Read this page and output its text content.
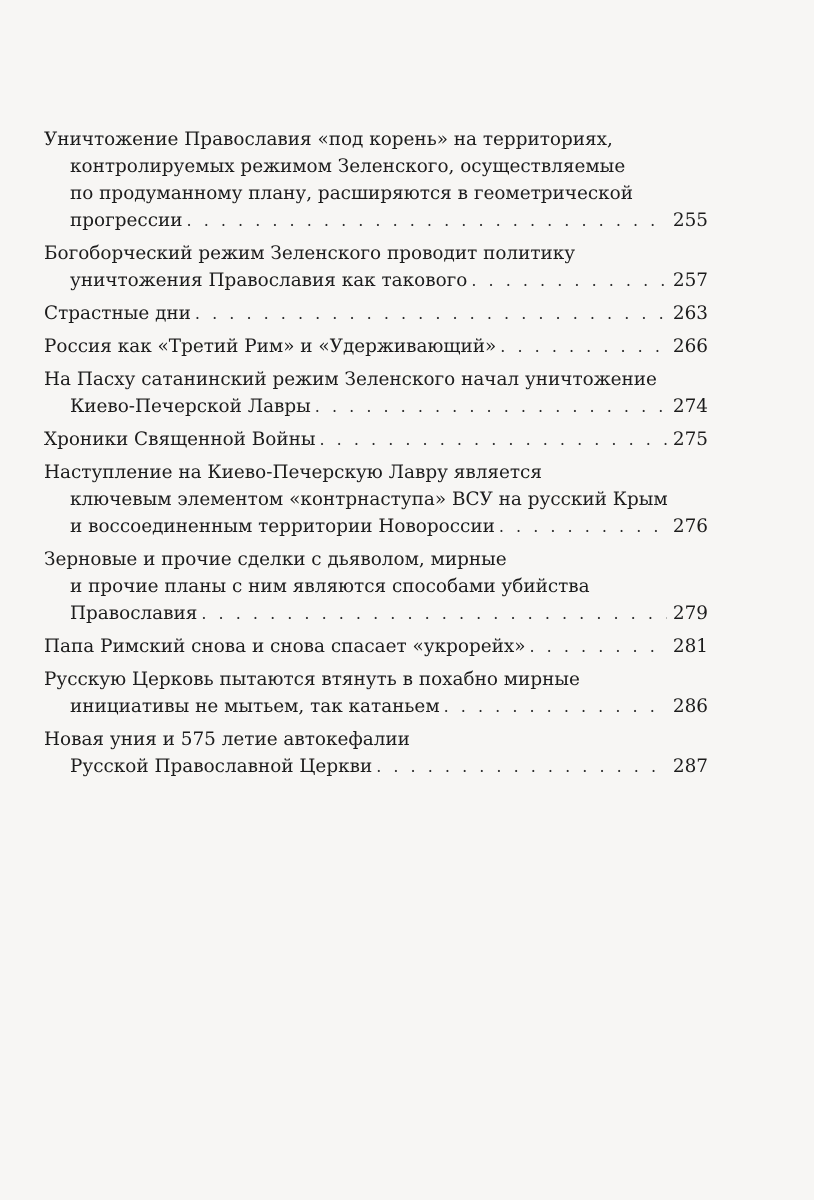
Уничтожение Православия «под корень» на территориях,
контролируемых режимом Зеленского, осуществляемые
по продуманному плану, расширяются в геометрической
прогрессии . . .	255
Богоборческий режим Зеленского проводит политику
уничтожения Православия как такового . . .	257
Страстные дни . . .	263
Россия как «Третий Рим» и «Удерживающий» . . .	266
На Пасху сатанинский режим Зеленского начал уничтожение
Киево-Печерской Лавры . . .	274
Хроники Священной Войны . . .	275
Наступление на Киево-Печерскую Лавру является
ключевым элементом «контрнаступа» ВСУ на русский Крым
и воссоединенным территории Новороссии . . .	276
Зерновые и прочие сделки с дьяволом, мирные
и прочие планы с ним являются способами убийства
Православия . . .	279
Папа Римский снова и снова спасает «укрорейх» . . .	281
Русскую Церковь пытаются втянуть в похабно мирные
инициативы не мытьем, так катаньем . . .	286
Новая уния и 575 летие автокефалии
Русской Православной Церкви . . .	287
